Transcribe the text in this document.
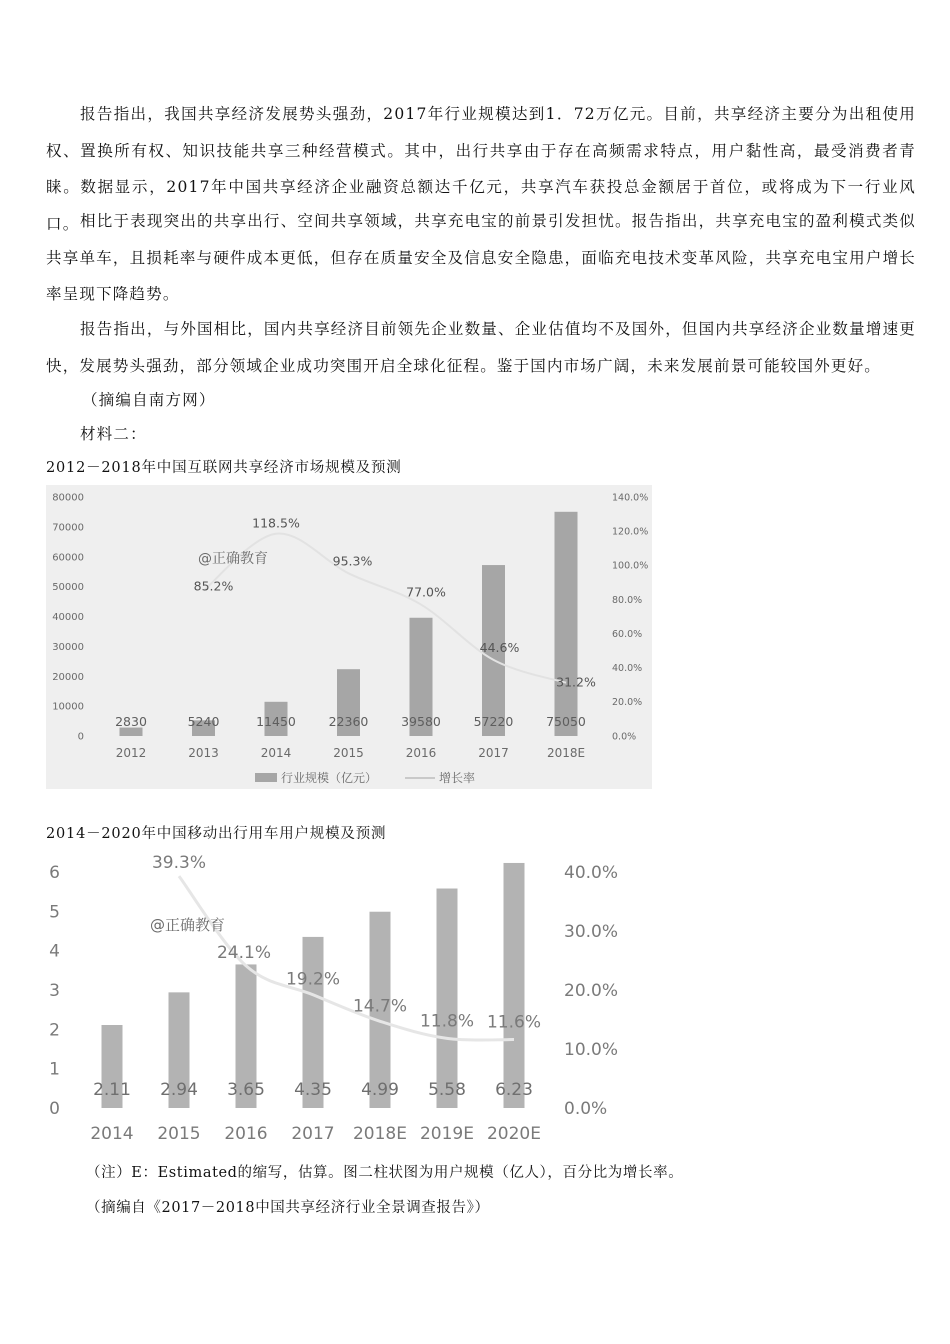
报告指出，我国共享经济发展势头强劲，2017年行业规模达到1．72万亿元。目前，共享经济主要分为出租使用权、置换所有权、知识技能共享三种经营模式。其中，出行共享由于存在高频需求特点，用户黏性高，最受消费者青睐。数据显示，2017年中国共享经济企业融资总额达千亿元，共享汽车获投总金额居于首位，或将成为下一行业风口。 相比于表现突出的共享出行、空间共享领域，共享充电宝的前景引发担忧。报告指出，共享充电宝的盈利模式类似共享单车，且损耗率与硬件成本更低，但存在质量安全及信息安全隐患，面临充电技术变革风险，共享充电宝用户增长率呈现下降趋势。

报告指出，与外国相比，国内共享经济目前领先企业数量、企业估值均不及国外，但国内共享经济企业数量增速更快，发展势头强劲，部分领域企业成功突围开启全球化征程。鉴于国内市场广阔，未来发展前景可能较国外更好。

（摘编自南方网）

材料二：

2012－2018年中国互联网共享经济市场规模及预测

0
10000
20000
30000
40000
50000
60000
70000
80000
0.0%
20.0%
40.0%
60.0%
80.0%
100.0%
120.0%
140.0%
2012	2013	2014	2015	2016	2017	2018E
2830	5240	11450	22360	39580	57220	75050
85.2%
118.5%
95.3%
77.0%
44.6%
31.2%
@正确教育
行业规模（亿元）	增长率

2014－2020年中国移动出行用车用户规模及预测

0
1
2
3
4
5
6
0.0%
10.0%
20.0%
30.0%
40.0%
2014 2015 2016 2017 2018E 2019E 2020E
2.11 2.94 3.65 4.35 4.99 5.58 6.23
39.3%
24.1%
19.2%
14.7%
11.8% 11.6%
@正确教育

（注）E：Estimated的缩写，估算。图二柱状图为用户规模（亿人），百分比为增长率。

（摘编自《2017－2018中国共享经济行业全景调查报告》）
